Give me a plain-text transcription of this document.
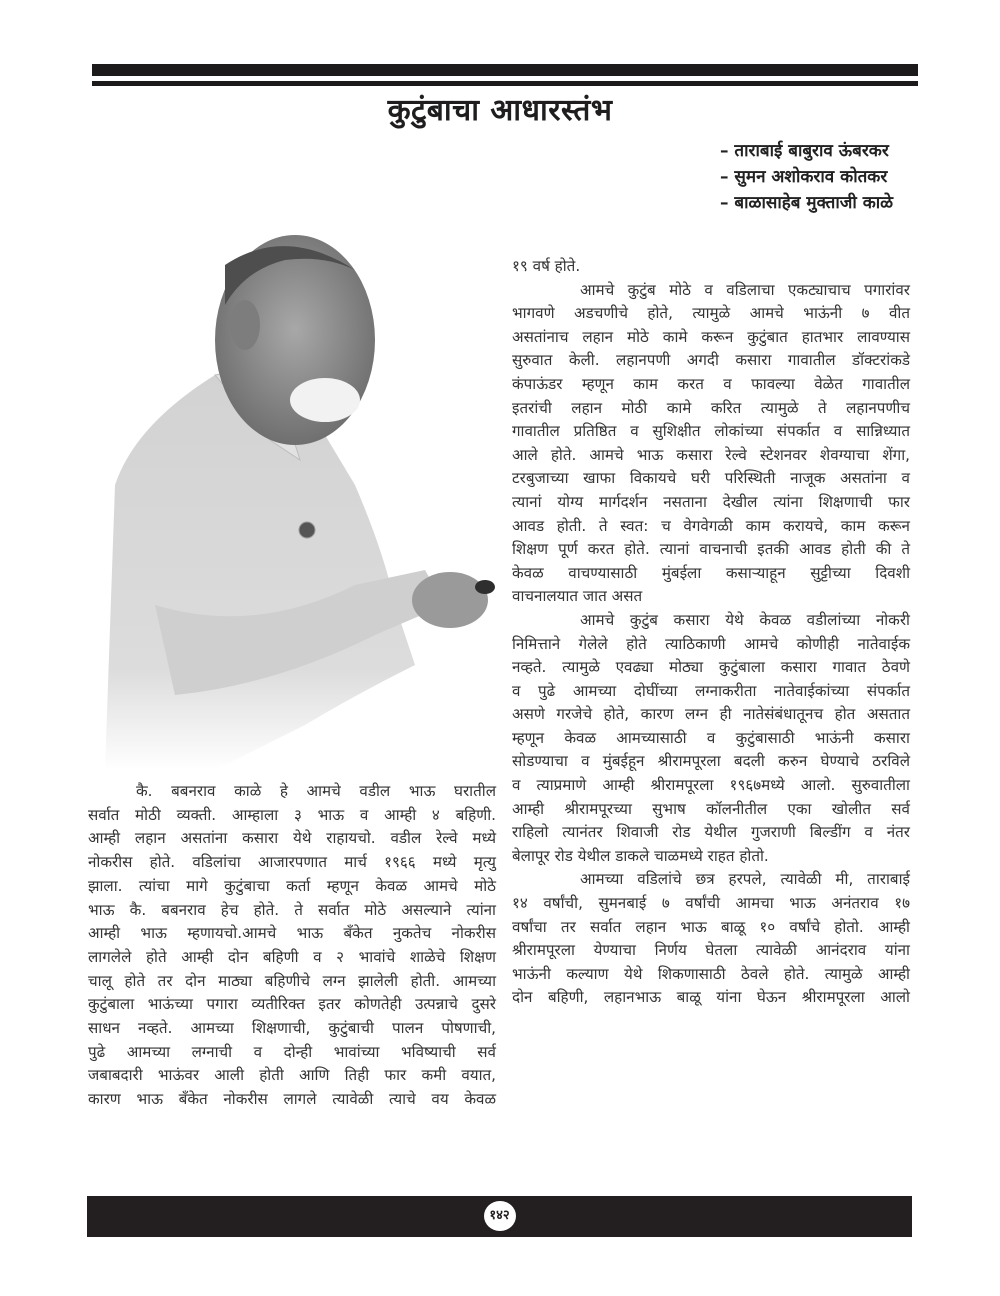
कुटुंबाचा आधारस्तंभ
– ताराबाई बाबुराव ऊंबरकर
– सुमन अशोकराव कोतकर
– बाळासाहेब मुक्ताजी काळे
कै. बबनराव काळे हे आमचे वडील भाऊ घरातील
सर्वात मोठी व्यक्ती. आम्हाला ३ भाऊ व आम्ही ४ बहिणी.
आम्ही लहान असतांना कसारा येथे राहायचो. वडील रेल्वे मध्ये
नोकरीस होते. वडिलांचा आजारपणात मार्च १९६६ मध्ये मृत्यु
झाला. त्यांचा मागे कुटुंबाचा कर्ता म्हणून केवळ आमचे मोठे
भाऊ कै. बबनराव हेच होते. ते सर्वात मोठे असल्याने त्यांना
आम्ही भाऊ म्हणायचो.आमचे भाऊ बँकेत नुकतेच नोकरीस
लागलेले होते आम्ही दोन बहिणी व २ भावांचे शाळेचे शिक्षण
चालू होते तर दोन माठ्या बहिणीचे लग्न झालेली होती. आमच्या
कुटुंबाला भाऊंच्या पगारा व्यतीरिक्त इतर कोणतेही उत्पन्नाचे दुसरे
साधन नव्हते. आमच्या शिक्षणाची, कुटुंबाची पालन पोषणाची,
पुढे आमच्या लग्नाची व दोन्ही भावांच्या भविष्याची सर्व
जबाबदारी भाऊंवर आली होती आणि तिही फार कमी वयात,
कारण भाऊ बँकेत नोकरीस लागले त्यावेळी त्याचे वय केवळ
१९ वर्ष होते.
आमचे कुटुंब मोठे व वडिलाचा एकट्याचाच पगारांवर
भागवणे अडचणीचे होते, त्यामुळे आमचे भाऊंनी ७ वीत
असतांनाच लहान मोठे कामे करून कुटुंबात हातभार लावण्यास
सुरुवात केली. लहानपणी अगदी कसारा गावातील डॉक्टरांकडे
कंपाऊंडर म्हणून काम करत व फावल्या वेळेत गावातील
इतरांची लहान मोठी कामे करित त्यामुळे ते लहानपणीच
गावातील प्रतिष्ठित व सुशिक्षीत लोकांच्या संपर्कात व सान्निध्यात
आले होते. आमचे भाऊ कसारा रेल्वे स्टेशनवर शेवग्याचा शेंगा,
टरबुजाच्या खाफा विकायचे घरी परिस्थिती नाजूक असतांना व
त्यानां योग्य मार्गदर्शन नसताना देखील त्यांना शिक्षणाची फार
आवड होती. ते स्वत: च वेगवेगळी काम करायचे, काम करून
शिक्षण पूर्ण करत होते. त्यानां वाचनाची इतकी आवड होती की ते
केवळ वाचण्यासाठी मुंबईला कसाऱ्याहून सुट्टीच्या दिवशी
वाचनालयात जात असत
आमचे कुटुंब कसारा येथे केवळ वडीलांच्या नोकरी
निमित्ताने गेलेले होते त्याठिकाणी आमचे कोणीही नातेवाईक
नव्हते. त्यामुळे एवढ्या मोठ्या कुटुंबाला कसारा गावात ठेवणे
व पुढे आमच्या दोघींच्या लग्नाकरीता नातेवाईकांच्या संपर्कात
असणे गरजेचे होते, कारण लग्न ही नातेसंबंधातूनच होत असतात
म्हणून केवळ आमच्यासाठी व कुटुंबासाठी भाऊंनी कसारा
सोडण्याचा व मुंबईहून श्रीरामपूरला बदली करुन घेण्याचे ठरविले
व त्याप्रमाणे आम्ही श्रीरामपूरला १९६७मध्ये आलो. सुरुवातीला
आम्ही श्रीरामपूरच्या सुभाष कॉलनीतील एका खोलीत सर्व
राहिलो त्यानंतर शिवाजी रोड येथील गुजराणी बिल्डींग व नंतर
बेलापूर रोड येथील डाकले चाळमध्ये राहत होतो.
आमच्या वडिलांचे छत्र हरपले, त्यावेळी मी, ताराबाई
१४ वर्षांची, सुमनबाई ७ वर्षांची आमचा भाऊ अनंतराव १७
वर्षांचा तर सर्वात लहान भाऊ बाळू १० वर्षांचे होतो. आम्ही
श्रीरामपूरला येण्याचा निर्णय घेतला त्यावेळी आनंदराव यांना
भाऊंनी कल्याण येथे शिकणासाठी ठेवले होते. त्यामुळे आम्ही
दोन बहिणी, लहानभाऊ बाळू यांना घेऊन श्रीरामपूरला आलो
१४२
